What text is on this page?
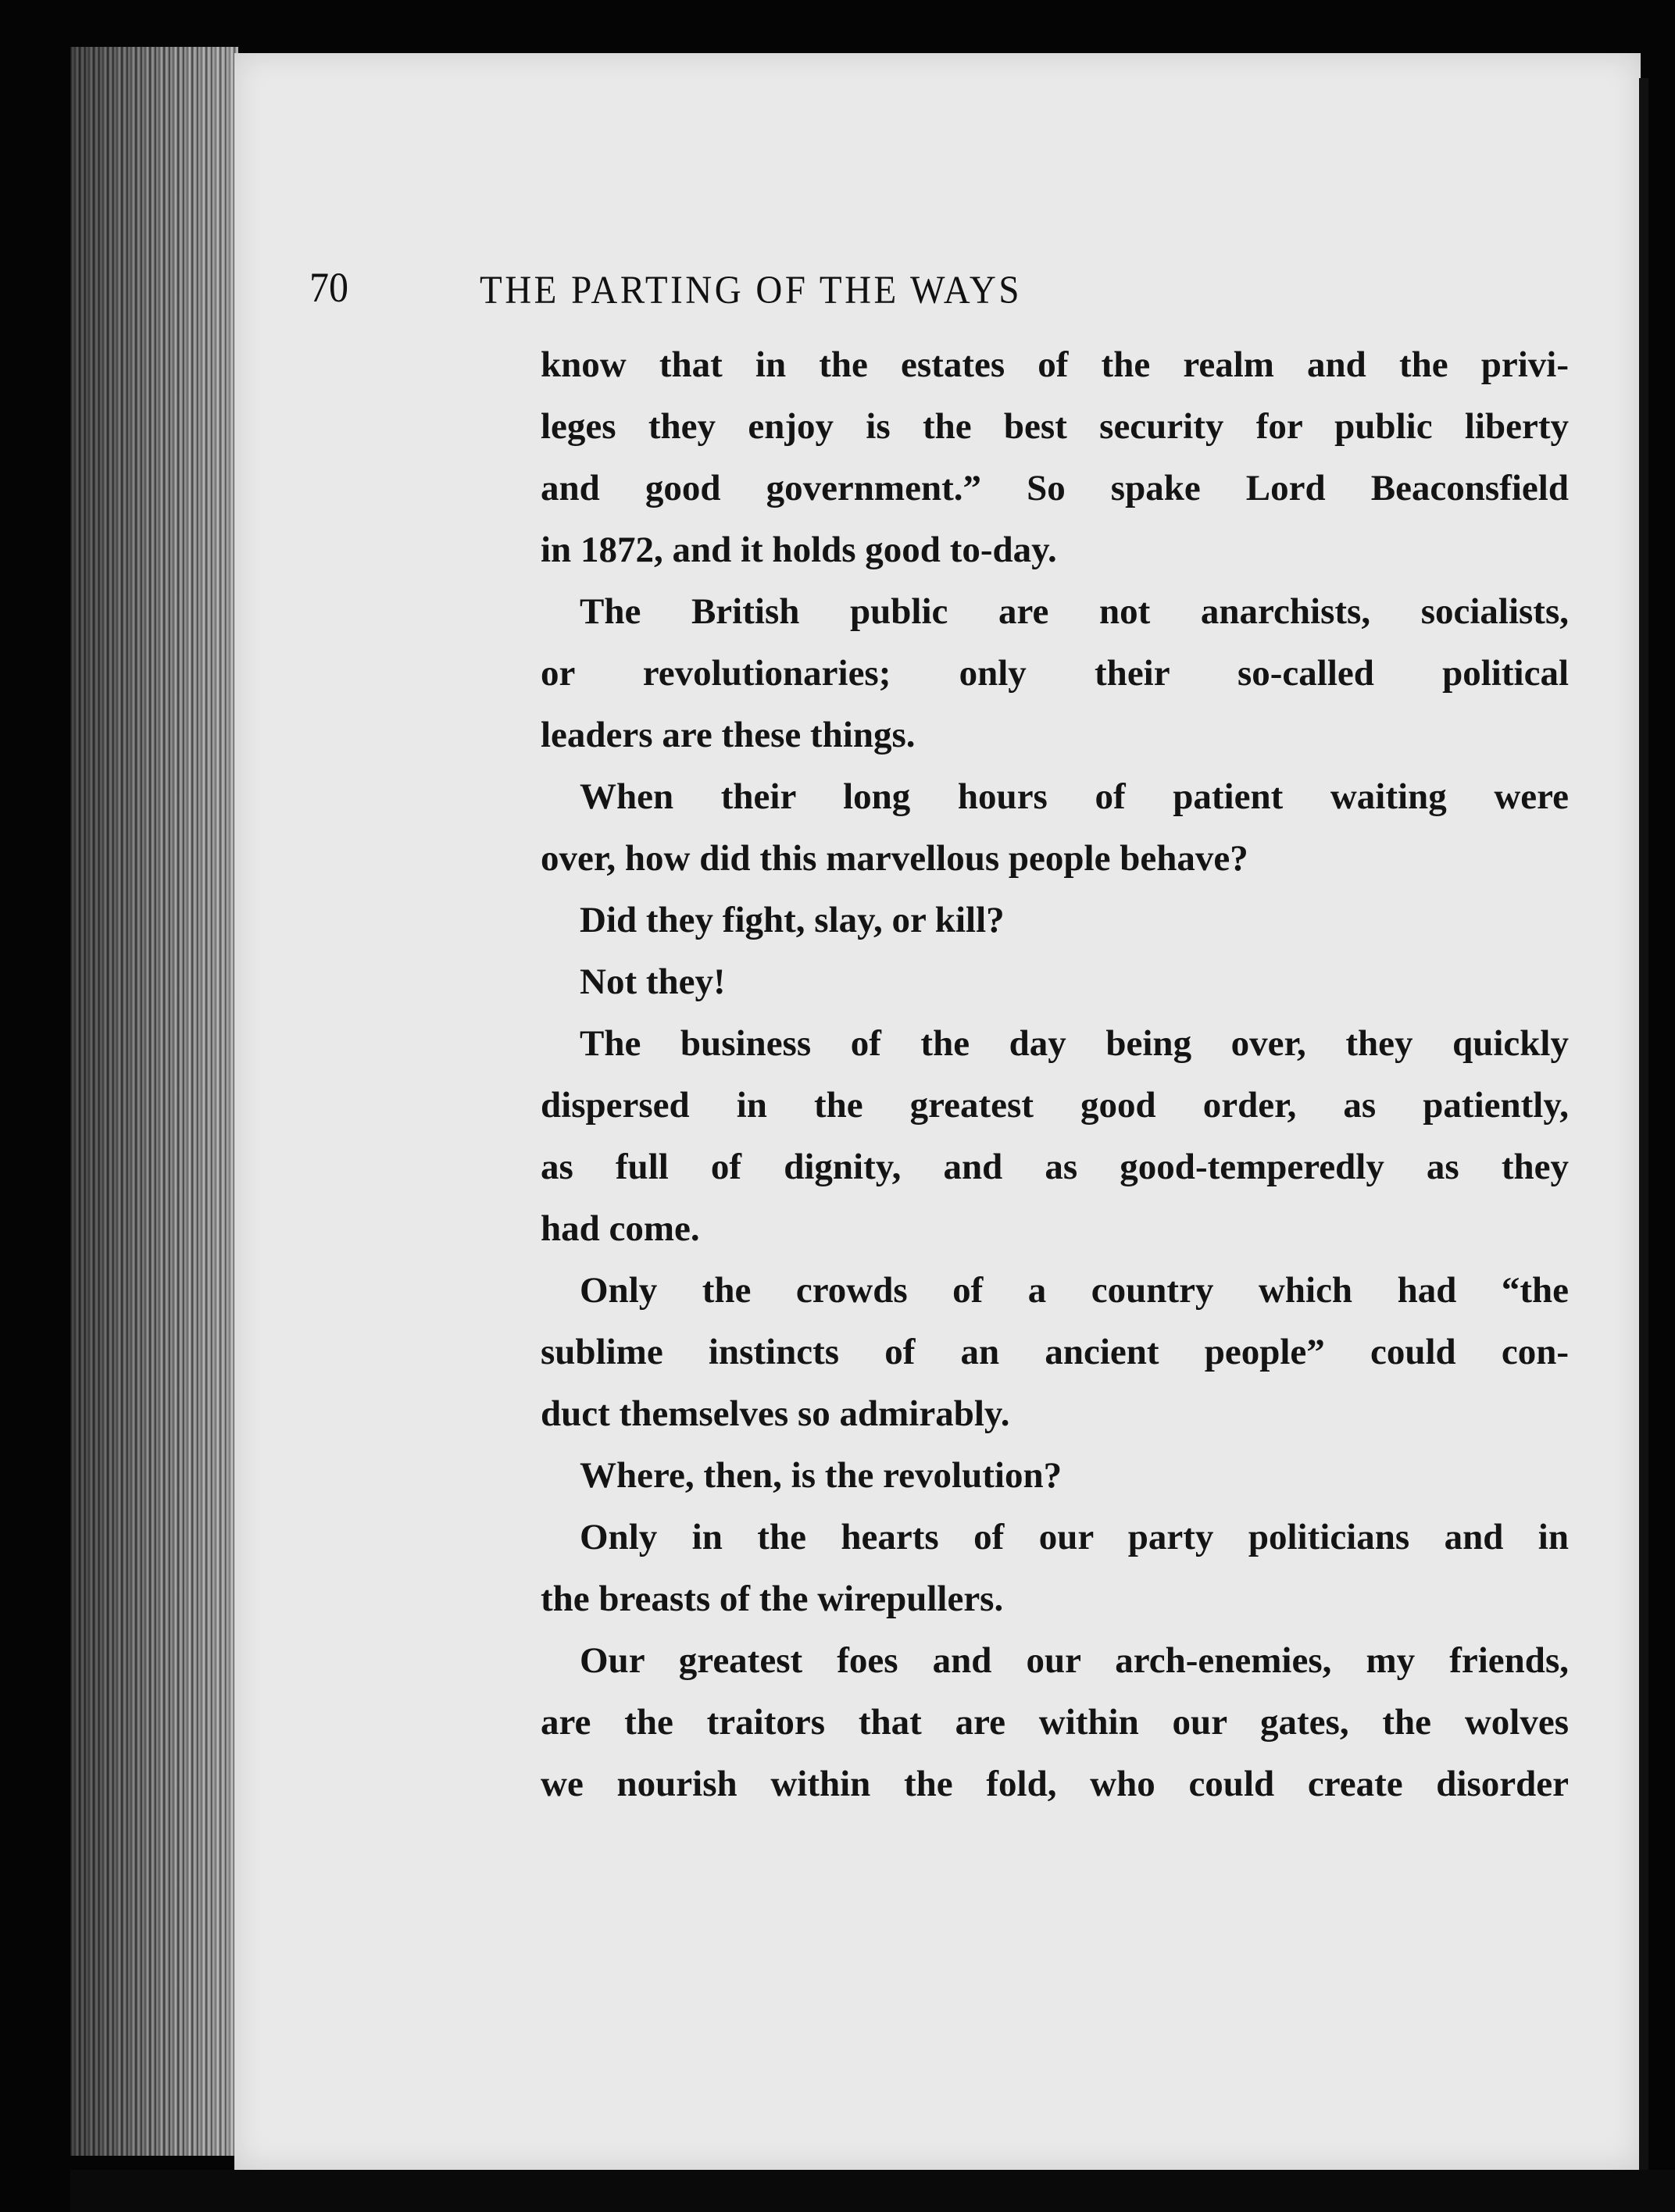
70	THE PARTING OF THE WAYS
know that in the estates of the realm and the privi-
leges they enjoy is the best security for public liberty
and good government.” So spake Lord Beaconsfield
in 1872, and it holds good to-day.
The British public are not anarchists, socialists,
or revolutionaries; only their so-called political
leaders are these things.
When their long hours of patient waiting were
over, how did this marvellous people behave?
Did they fight, slay, or kill?
Not they!
The business of the day being over, they quickly
dispersed in the greatest good order, as patiently,
as full of dignity, and as good-temperedly as they
had come.
Only the crowds of a country which had “the
sublime instincts of an ancient people” could con-
duct themselves so admirably.
Where, then, is the revolution?
Only in the hearts of our party politicians and in
the breasts of the wirepullers.
Our greatest foes and our arch-enemies, my friends,
are the traitors that are within our gates, the wolves
we nourish within the fold, who could create disorder
